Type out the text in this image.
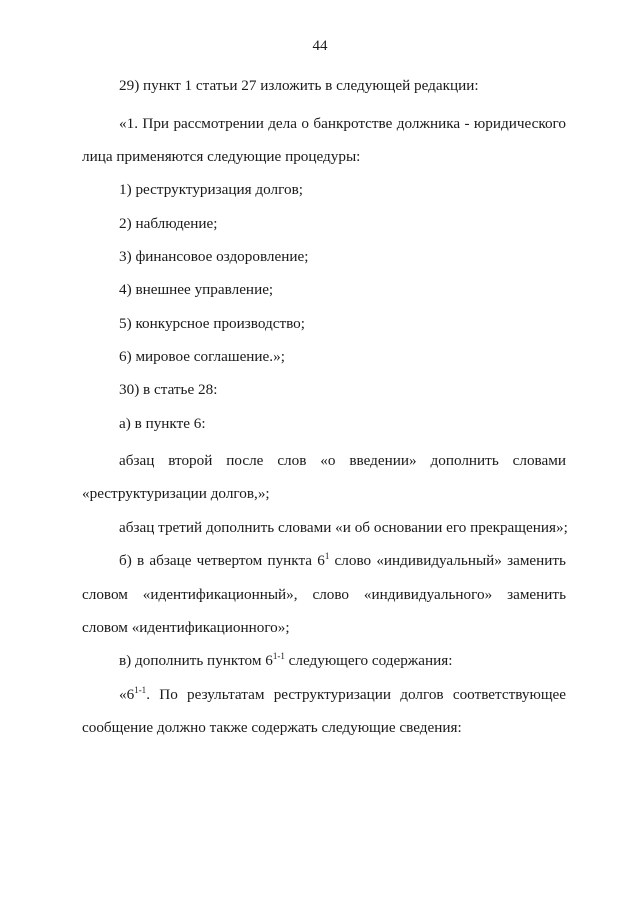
44
29) пункт 1 статьи 27 изложить в следующей редакции:
«1. При рассмотрении дела о банкротстве должника - юридического
лица применяются следующие процедуры:
1) реструктуризация долгов;
2) наблюдение;
3) финансовое оздоровление;
4) внешнее управление;
5) конкурсное производство;
6) мировое соглашение.»;
30) в статье 28:
а) в пункте 6:
абзац второй после слов «о введении» дополнить словами
«реструктуризации долгов,»;
абзац третий дополнить словами «и об основании его прекращения»;
б) в абзаце четвертом пункта $6^1$ слово «индивидуальный» заменить
словом «идентификационный», слово «индивидуального» заменить
словом «идентификационного»;
в) дополнить пунктом 6$^{1-1}$ следующего содержания:
«6$^{1-1}$. По результатам реструктуризации долгов соответствующее
сообщение должно также содержать следующие сведения:
